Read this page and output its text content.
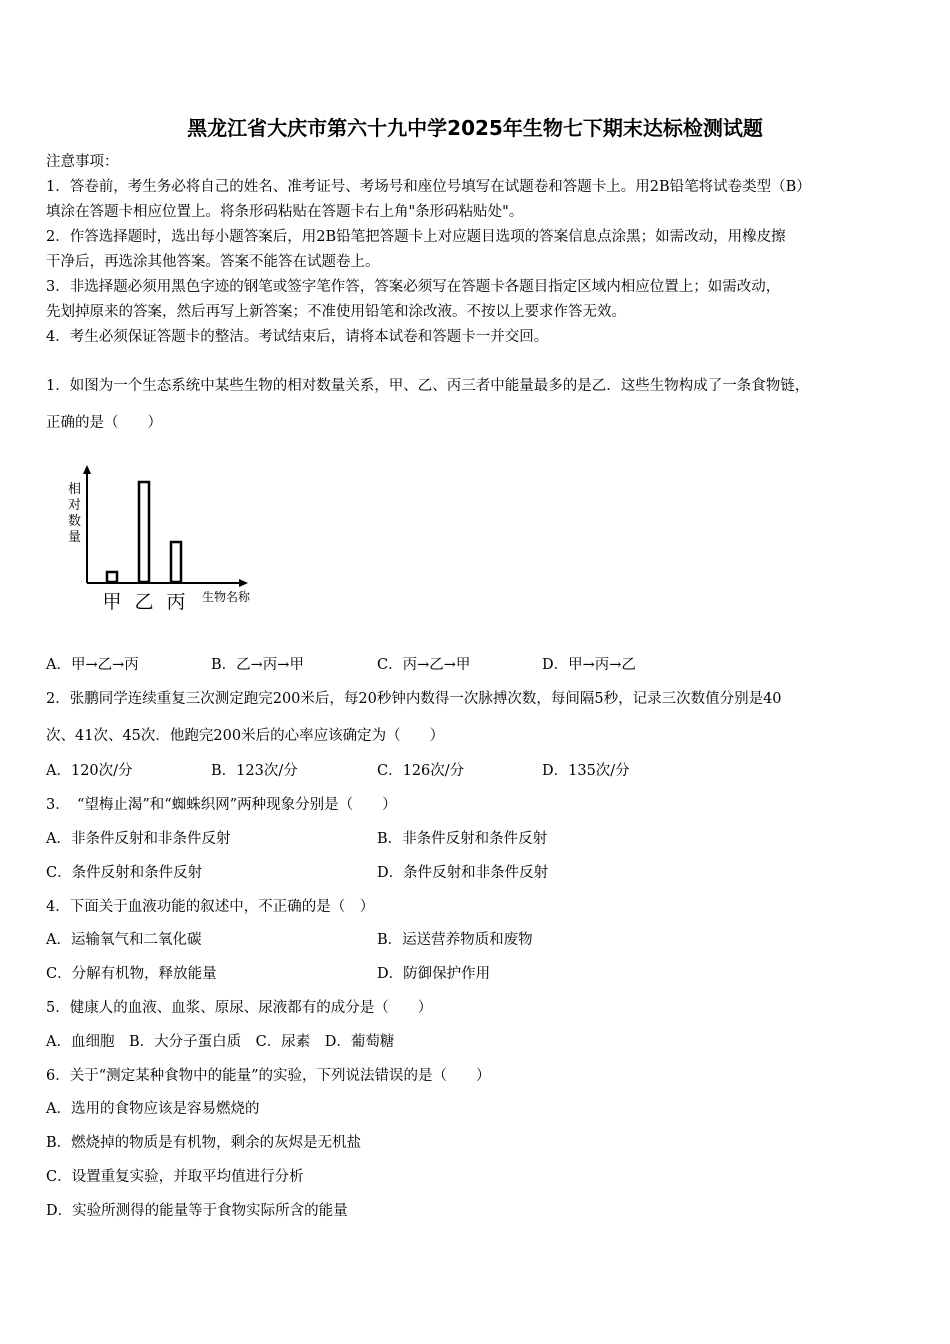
黑龙江省大庆市第六十九中学2025年生物七下期末达标检测试题
注意事项：
1．答卷前，考生务必将自己的姓名、准考证号、考场号和座位号填写在试题卷和答题卡上。用2B铅笔将试卷类型（B）
填涂在答题卡相应位置上。将条形码粘贴在答题卡右上角"条形码粘贴处"。
2．作答选择题时，选出每小题答案后，用2B铅笔把答题卡上对应题目选项的答案信息点涂黑；如需改动，用橡皮擦
干净后，再选涂其他答案。答案不能答在试题卷上。
3．非选择题必须用黑色字迹的钢笔或签字笔作答，答案必须写在答题卡各题目指定区域内相应位置上；如需改动，
先划掉原来的答案，然后再写上新答案；不准使用铅笔和涂改液。不按以上要求作答无效。
4．考生必须保证答题卡的整洁。考试结束后，请将本试卷和答题卡一并交回。
1．如图为一个生态系统中某些生物的相对数量关系，甲、乙、丙三者中能量最多的是乙．这些生物构成了一条食物链，
正确的是（　　）
相
对
数
量
甲 乙 丙 生物名称
A．甲→乙→丙	B．乙→丙→甲	C．丙→乙→甲	D．甲→丙→乙
2．张鹏同学连续重复三次测定跑完200米后，每20秒钟内数得一次脉搏次数，每间隔5秒，记录三次数值分别是40
次、41次、45次．他跑完200米后的心率应该确定为（　　）
A．120次/分	B．123次/分	C．126次/分	D．135次/分
3．　“望梅止渴”和“蜘蛛织网”两种现象分别是（　　）
A．非条件反射和非条件反射	B．非条件反射和条件反射
C．条件反射和条件反射	D．条件反射和非条件反射
4．下面关于血液功能的叙述中，不正确的是（　）
A．运输氧气和二氧化碳	B．运送营养物质和废物
C．分解有机物，释放能量	D．防御保护作用
5．健康人的血液、血浆、原尿、尿液都有的成分是（　　）
A．血细胞　B．大分子蛋白质　C．尿素　D．葡萄糖
6．关于“测定某种食物中的能量”的实验，下列说法错误的是（　　）
A．选用的食物应该是容易燃烧的
B．燃烧掉的物质是有机物，剩余的灰烬是无机盐
C．设置重复实验，并取平均值进行分析
D．实验所测得的能量等于食物实际所含的能量
